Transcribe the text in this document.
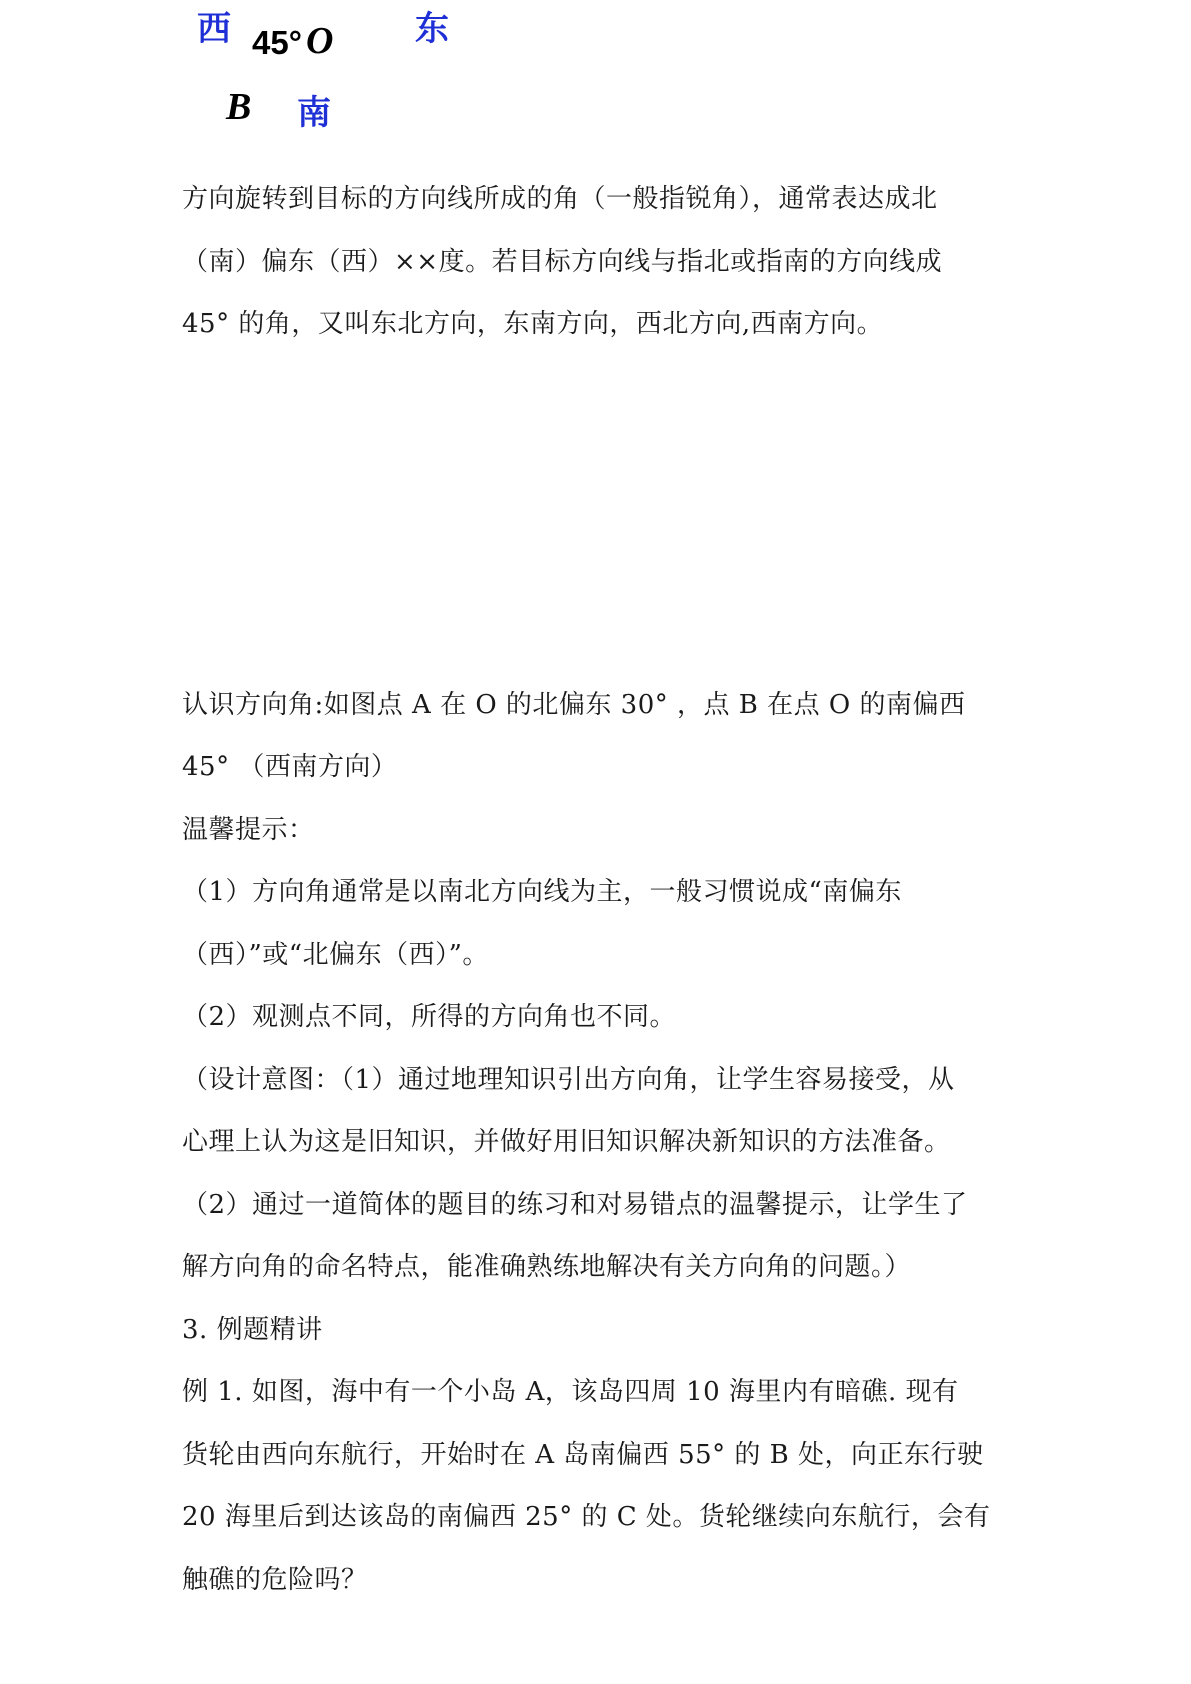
西 45° O 东
B 南

方向旋转到目标的方向线所成的角（一般指锐角），通常表达成北

（南）偏东（西）××度。若目标方向线与指北或指南的方向线成

45° 的角，又叫东北方向，东南方向，西北方向,西南方向。

认识方向角:如图点 A 在 O 的北偏东 30° ，点 B 在点 O 的南偏西

45° （西南方向）

温馨提示：

（1）方向角通常是以南北方向线为主，一般习惯说成“南偏东

（西）”或“北偏东（西）”。

（2）观测点不同，所得的方向角也不同。

（设计意图：（1）通过地理知识引出方向角，让学生容易接受，从

心理上认为这是旧知识，并做好用旧知识解决新知识的方法准备。

（2）通过一道简体的题目的练习和对易错点的温馨提示，让学生了

解方向角的命名特点，能准确熟练地解决有关方向角的问题。）

3. 例题精讲

例 1. 如图，海中有一个小岛 A，该岛四周 10 海里内有暗礁. 现有

货轮由西向东航行，开始时在 A 岛南偏西 55° 的 B 处，向正东行驶

20 海里后到达该岛的南偏西 25° 的 C 处。货轮继续向东航行，会有

触礁的危险吗？
